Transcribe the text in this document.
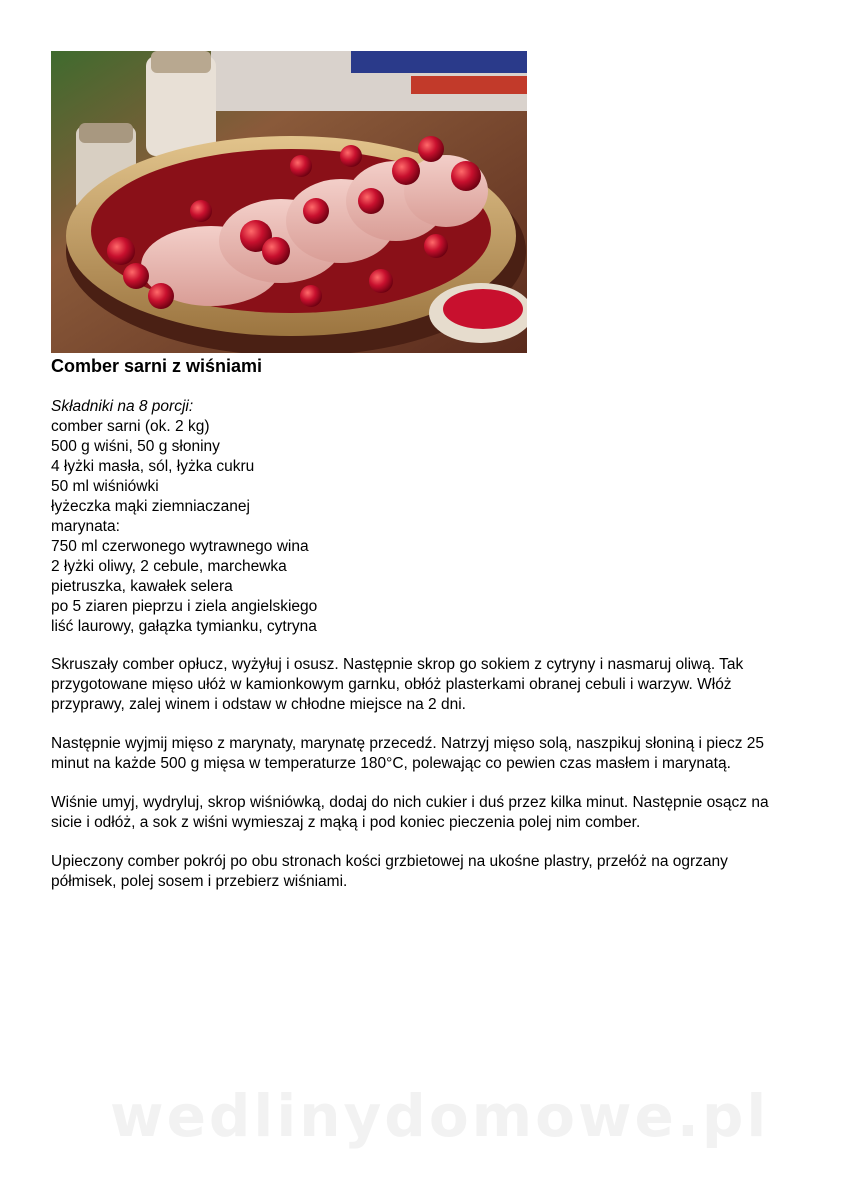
Comber sarni z wiśniami
Składniki na 8 porcji:
comber sarni (ok. 2 kg)
500 g wiśni, 50 g słoniny
4 łyżki masła, sól, łyżka cukru
50 ml wiśniówki
łyżeczka mąki ziemniaczanej
marynata:
750 ml czerwonego wytrawnego wina
2 łyżki oliwy, 2 cebule, marchewka
pietruszka, kawałek selera
po 5 ziaren pieprzu i ziela angielskiego
liść laurowy, gałązka tymianku, cytryna

Skruszały comber opłucz, wyżyłuj i osusz. Następnie skrop go sokiem z cytryny i nasmaruj oliwą. Tak przygotowane mięso ułóż w kamionkowym garnku, obłóż plasterkami obranej cebuli i warzyw. Włóż przyprawy, zalej winem i odstaw w chłodne miejsce na 2 dni.

Następnie wyjmij mięso z marynaty, marynatę przecedź. Natrzyj mięso solą, naszpikuj słoniną i piecz 25 minut na każde 500 g mięsa w temperaturze 180°C, polewając co pewien czas masłem i marynatą.

Wiśnie umyj, wydryluj, skrop wiśniówką, dodaj do nich cukier i duś przez kilka minut. Następnie osącz na sicie i odłóż, a sok z wiśni wymieszaj z mąką i pod koniec pieczenia polej nim comber.

Upieczony comber pokrój po obu stronach kości grzbietowej na ukośne plastry, przełóż na ogrzany półmisek, polej sosem i przebierz wiśniami.

wedlinydomowe.pl
